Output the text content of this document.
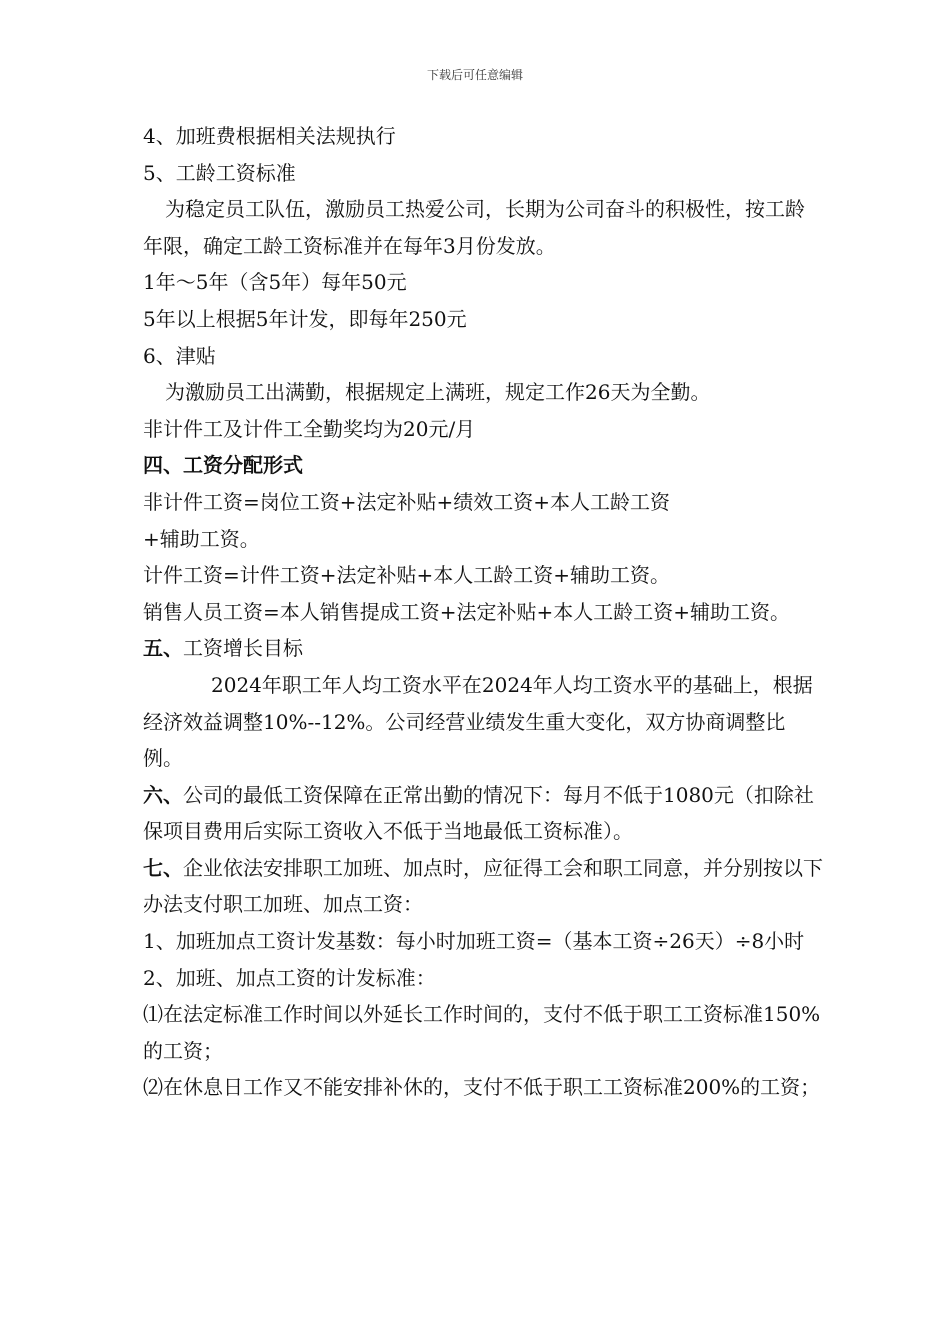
下载后可任意编辑

4、加班费根据相关法规执行

5、工龄工资标准

为稳定员工队伍，激励员工热爱公司，长期为公司奋斗的积极性，按工龄年限，确定工龄工资标准并在每年3月份发放。

1年～5年（含5年）每年50元

5年以上根据5年计发，即每年250元

6、津贴

为激励员工出满勤，根据规定上满班，规定工作26天为全勤。

非计件工及计件工全勤奖均为20元/月

四、工资分配形式

非计件工资=岗位工资+法定补贴+绩效工资+本人工龄工资

+辅助工资。

计件工资=计件工资+法定补贴+本人工龄工资+辅助工资。

销售人员工资=本人销售提成工资+法定补贴+本人工龄工资+辅助工资。

五、工资增长目标

2024年职工年人均工资水平在2024年人均工资水平的基础上，根据经济效益调整10%--12%。公司经营业绩发生重大变化，双方协商调整比例。

六、公司的最低工资保障在正常出勤的情况下：每月不低于1080元（扣除社保项目费用后实际工资收入不低于当地最低工资标准）。

七、企业依法安排职工加班、加点时，应征得工会和职工同意，并分别按以下办法支付职工加班、加点工资：

1、加班加点工资计发基数：每小时加班工资=（基本工资÷26天）÷8小时

2、加班、加点工资的计发标准：

⑴在法定标准工作时间以外延长工作时间的，支付不低于职工工资标准150%的工资；

⑵在休息日工作又不能安排补休的，支付不低于职工工资标准200%的工资；
